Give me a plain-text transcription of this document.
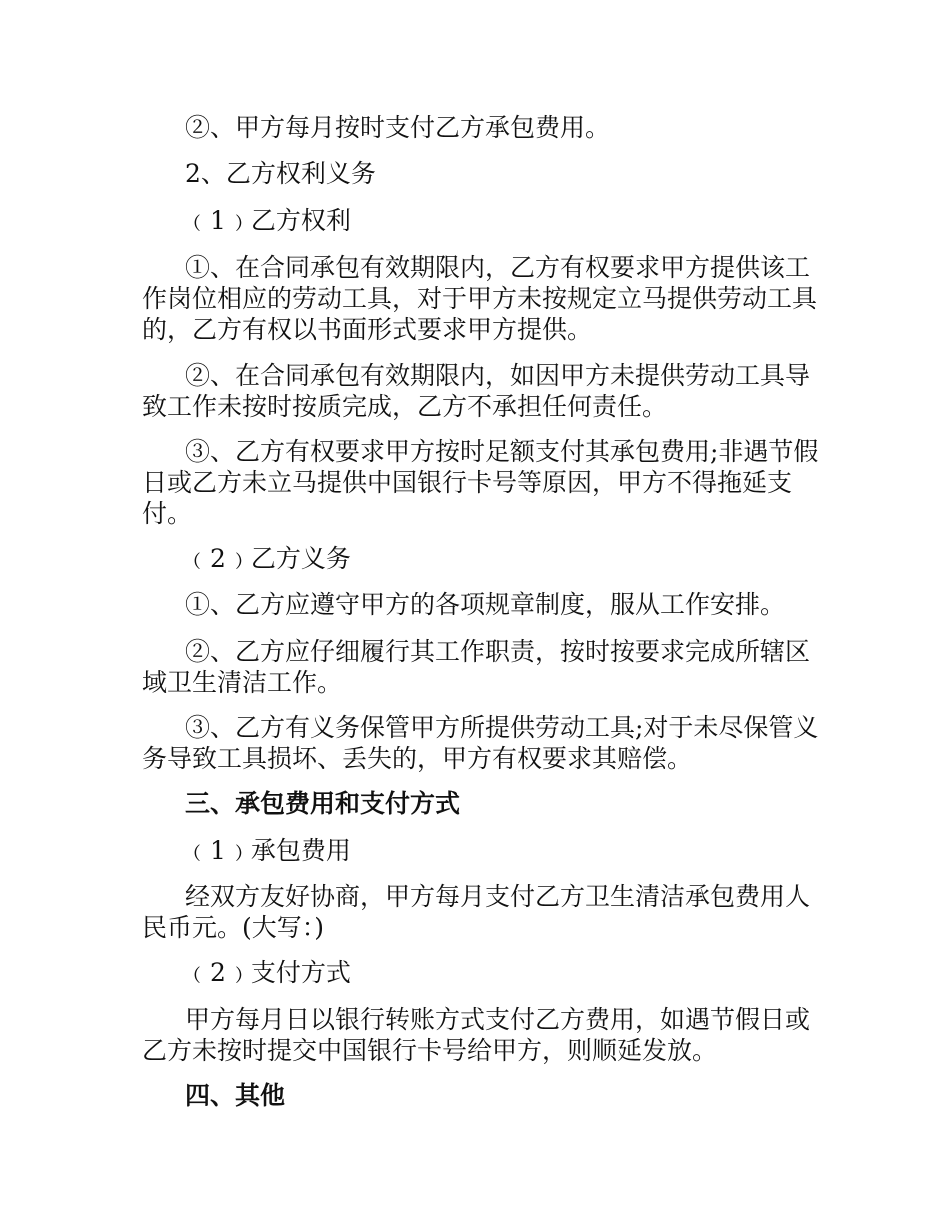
②、甲方每月按时支付乙方承包费用。

2、乙方权利义务

﹙1﹚乙方权利

①、在合同承包有效期限内，乙方有权要求甲方提供该工作岗位相应的劳动工具，对于甲方未按规定立马提供劳动工具的，乙方有权以书面形式要求甲方提供。

②、在合同承包有效期限内，如因甲方未提供劳动工具导致工作未按时按质完成，乙方不承担任何责任。

③、乙方有权要求甲方按时足额支付其承包费用;非遇节假日或乙方未立马提供中国银行卡号等原因，甲方不得拖延支付。

﹙2﹚乙方义务

①、乙方应遵守甲方的各项规章制度，服从工作安排。

②、乙方应仔细履行其工作职责，按时按要求完成所辖区域卫生清洁工作。

③、乙方有义务保管甲方所提供劳动工具;对于未尽保管义务导致工具损坏、丢失的，甲方有权要求其赔偿。

三、承包费用和支付方式

﹙1﹚承包费用

经双方友好协商，甲方每月支付乙方卫生清洁承包费用人民币元。(大写：)

﹙2﹚支付方式

甲方每月日以银行转账方式支付乙方费用，如遇节假日或乙方未按时提交中国银行卡号给甲方，则顺延发放。

四、其他
